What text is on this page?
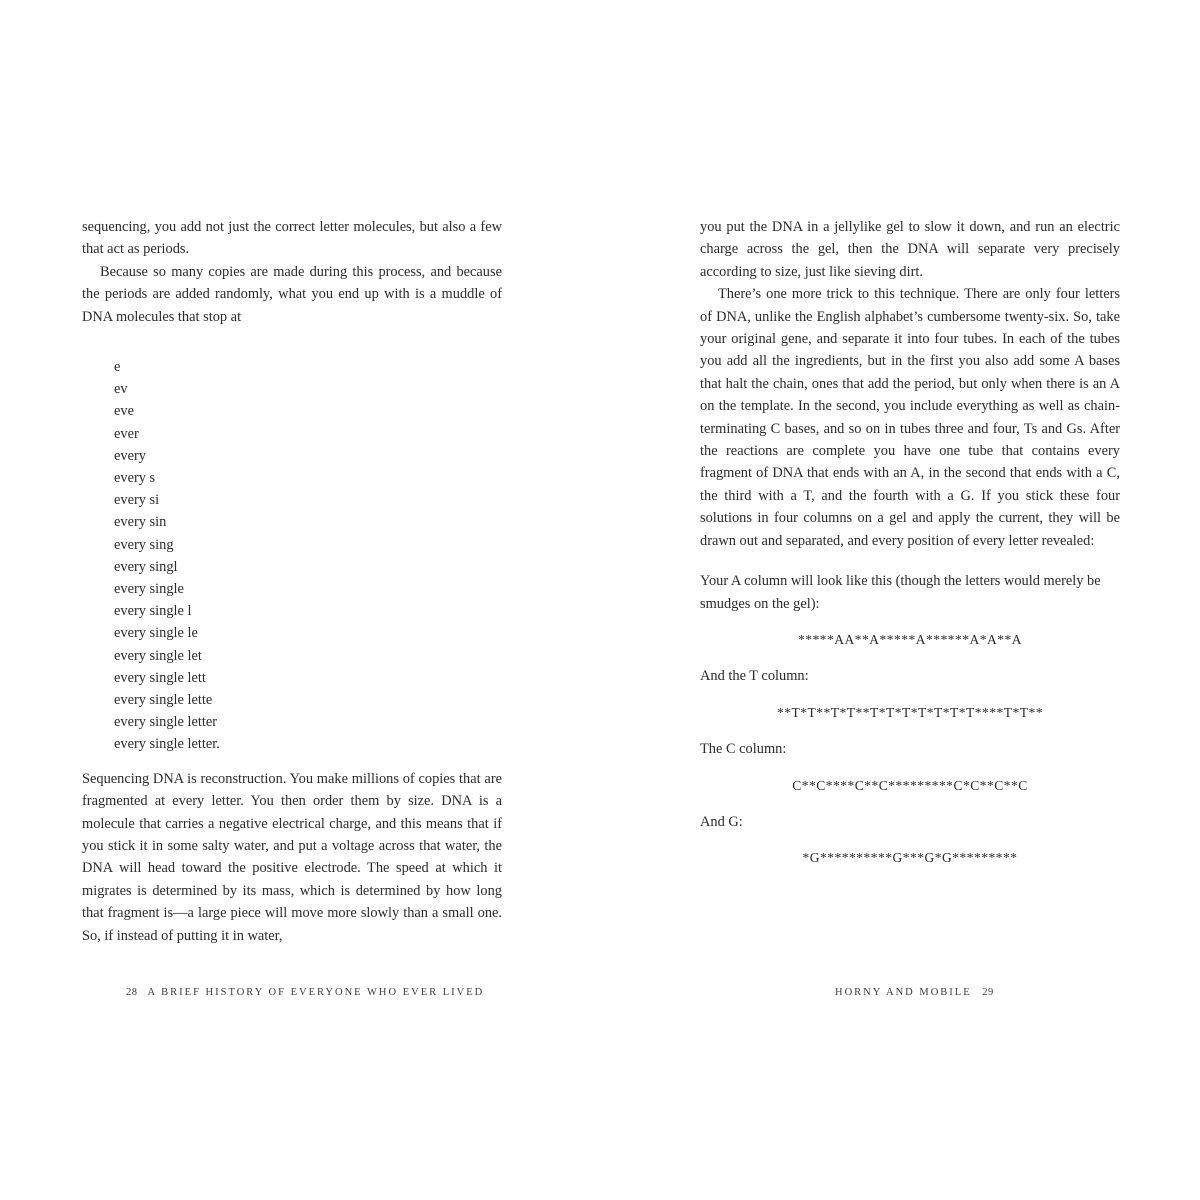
sequencing, you add not just the correct letter molecules, but also a few that act as periods.

Because so many copies are made during this process, and because the periods are added randomly, what you end up with is a muddle of DNA molecules that stop at

e
ev
eve
ever
every
every s
every si
every sin
every sing
every singl
every single
every single l
every single le
every single let
every single lett
every single lette
every single letter
every single letter.

Sequencing DNA is reconstruction. You make millions of copies that are fragmented at every letter. You then order them by size. DNA is a molecule that carries a negative electrical charge, and this means that if you stick it in some salty water, and put a voltage across that water, the DNA will head toward the positive electrode. The speed at which it migrates is determined by its mass, which is determined by how long that fragment is—a large piece will move more slowly than a small one. So, if instead of putting it in water,

28 A BRIEF HISTORY OF EVERYONE WHO EVER LIVED

you put the DNA in a jellylike gel to slow it down, and run an electric charge across the gel, then the DNA will separate very precisely according to size, just like sieving dirt.

There’s one more trick to this technique. There are only four letters of DNA, unlike the English alphabet’s cumbersome twenty-six. So, take your original gene, and separate it into four tubes. In each of the tubes you add all the ingredients, but in the first you also add some A bases that halt the chain, ones that add the period, but only when there is an A on the template. In the second, you include everything as well as chain-terminating C bases, and so on in tubes three and four, Ts and Gs. After the reactions are complete you have one tube that contains every fragment of DNA that ends with an A, in the second that ends with a C, the third with a T, and the fourth with a G. If you stick these four solutions in four columns on a gel and apply the current, they will be drawn out and separated, and every position of every letter revealed:

Your A column will look like this (though the letters would merely be smudges on the gel):

*****AA**A*****A******A*A**A

And the T column:

**T*T**T*T**T*T*T*T*T*T*T****T*T**

The C column:

C**C****C**C*********C*C**C**C

And G:

*G**********G***G*G*********

HORNY AND MOBILE 29
